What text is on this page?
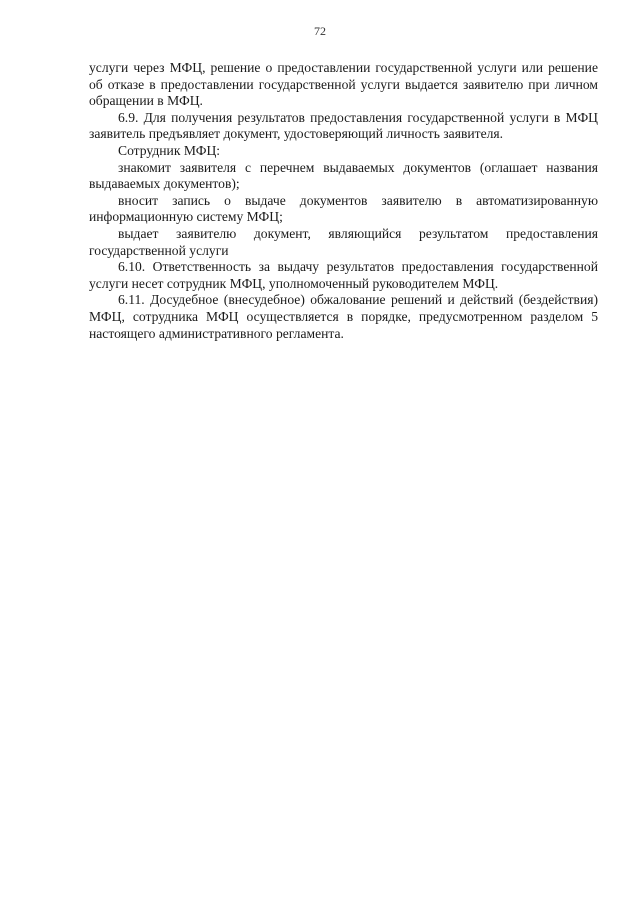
72

услуги через МФЦ, решение о предоставлении государственной услуги или решение об отказе в предоставлении государственной услуги выдается заявителю при личном обращении в МФЦ.

6.9. Для получения результатов предоставления государственной услуги в МФЦ заявитель предъявляет документ, удостоверяющий личность заявителя.

Сотрудник МФЦ:

знакомит заявителя с перечнем выдаваемых документов (оглашает названия выдаваемых документов);

вносит запись о выдаче документов заявителю в автоматизированную информационную систему МФЦ;

выдает заявителю документ, являющийся результатом предоставления государственной услуги

6.10. Ответственность за выдачу результатов предоставления государственной услуги несет сотрудник МФЦ, уполномоченный руководителем МФЦ.

6.11. Досудебное (внесудебное) обжалование решений и действий (бездействия) МФЦ, сотрудника МФЦ осуществляется в порядке, предусмотренном разделом 5 настоящего административного регламента.
